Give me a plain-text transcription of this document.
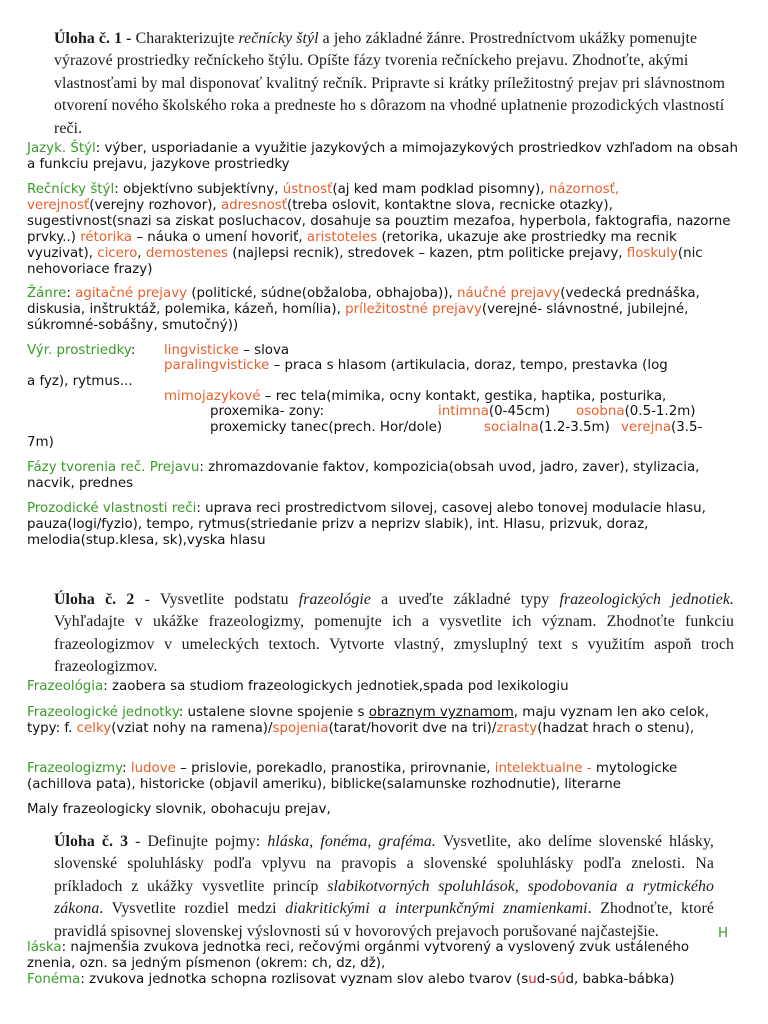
Úloha č. 1 - Charakterizujte rečnícky štýl a jeho základné žánre. Prostredníctvom ukážky pomenujte výrazové prostriedky rečníckeho štýlu. Opíšte fázy tvorenia rečníckeho prejavu. Zhodnoťte, akými vlastnosťami by mal disponovať kvalitný rečník. Pripravte si krátky príležitostný prejav pri slávnostnom otvorení nového školského roka a predneste ho s dôrazom na vhodné uplatnenie prozodických vlastností reči.

Jazyk. Štýl: výber, usporiadanie a využitie jazykových a mimojazykových prostriedkov vzhľadom na obsah a funkciu prejavu, jazykove prostriedky

Rečnícky štýl: objektívno subjektívny, ústnosť(aj ked mam podklad pisomny), názornosť, verejnosť(verejny rozhovor), adresnosť(treba oslovit, kontaktne slova, recnicke otazky), sugestivnost(snazi sa ziskat posluchacov, dosahuje sa pouztim mezafoa, hyperbola, faktografia, nazorne prvky..) rétorika – náuka o umení hovoriť, aristoteles (retorika, ukazuje ake prostriedky ma recnik vyuzivat), cicero, demostenes (najlepsi recnik), stredovek – kazen, ptm politicke prejavy, floskuly(nic nehovoriace frazy)

Žánre: agitačné prejavy (politické, súdne(obžaloba, obhajoba)), náučné prejavy(vedecká prednáška, diskusia, inštruktáž, polemika, kázeň, homília), príležitostné prejavy(verejné- slávnostné, jubilejné, súkromné-sobášny, smutočný))

Výr. prostriedky: lingvisticke – slova
paralingvisticke – praca s hlasom (artikulacia, doraz, tempo, prestavka (log
a fyz), rytmus...
mimojazykové – rec tela(mimika, ocny kontakt, gestika, haptika, posturika,
proxemika- zony:	intimna(0-45cm) osobna(0.5-1.2m)
proxemicky tanec(prech. Hor/dole)	socialna(1.2-3.5m) verejna(3.5-
7m)

Fázy tvorenia reč. Prejavu: zhromazdovanie faktov, kompozicia(obsah uvod, jadro, zaver), stylizacia, nacvik, prednes

Prozodické vlastnosti reči: uprava reci prostredictvom silovej, casovej alebo tonovej modulacie hlasu, pauza(logi/fyzio), tempo, rytmus(striedanie prizv a neprizv slabik), int. Hlasu, prizvuk, doraz, melodia(stup.klesa, sk),vyska hlasu

Úloha č. 2 - Vysvetlite podstatu frazeológie a uveďte základné typy frazeologických jednotiek. Vyhľadajte v ukážke frazeologizmy, pomenujte ich a vysvetlite ich význam. Zhodnoťte funkciu frazeologizmov v umeleckých textoch. Vytvorte vlastný, zmysluplný text s využitím aspoň troch frazeologizmov.

Frazeológia: zaobera sa studiom frazeologickych jednotiek,spada pod lexikologiu

Frazeologické jednotky: ustalene slovne spojenie s obraznym vyznamom, maju vyznam len ako celok, typy: f. celky(vziat nohy na ramena)/spojenia(tarat/hovorit dve na tri)/zrasty(hadzat hrach o stenu),

Frazeologizmy: ludove – prislovie, porekadlo, pranostika, prirovnanie, intelektualne - mytologicke (achillova pata), historicke (objavil ameriku), biblicke(salamunske rozhodnutie), literarne

Maly frazeologicky slovnik, obohacuju prejav,

Úloha č. 3 - Definujte pojmy: hláska, fonéma, grafémа. Vysvetlite, ako delíme slovenské hlásky, slovenské spoluhlásky podľa vplyvu na pravopis a slovenské spoluhlásky podľa znelosti. Na príkladoch z ukážky vysvetlite princíp slabikotvorných spoluhlások, spodobovania a rytmického zákona. Vysvetlite rozdiel medzi diakritickými a interpunkčnými znamienkami. Zhodnoťte, ktoré pravidlá spisovnej slovenskej výslovnosti sú v hovorových prejavoch porušované najčastejšie.	H

láska: najmenšia zvukova jednotka reci, rečovými orgánmi vytvorený a vyslovený zvuk ustáleného znenia, ozn. sa jedným písmenon (okrem: ch, dz, dž),

Fonéma: zvukova jednotka schopna rozlisovat vyznam slov alebo tvarov (sud-súd, babka-bábka)
